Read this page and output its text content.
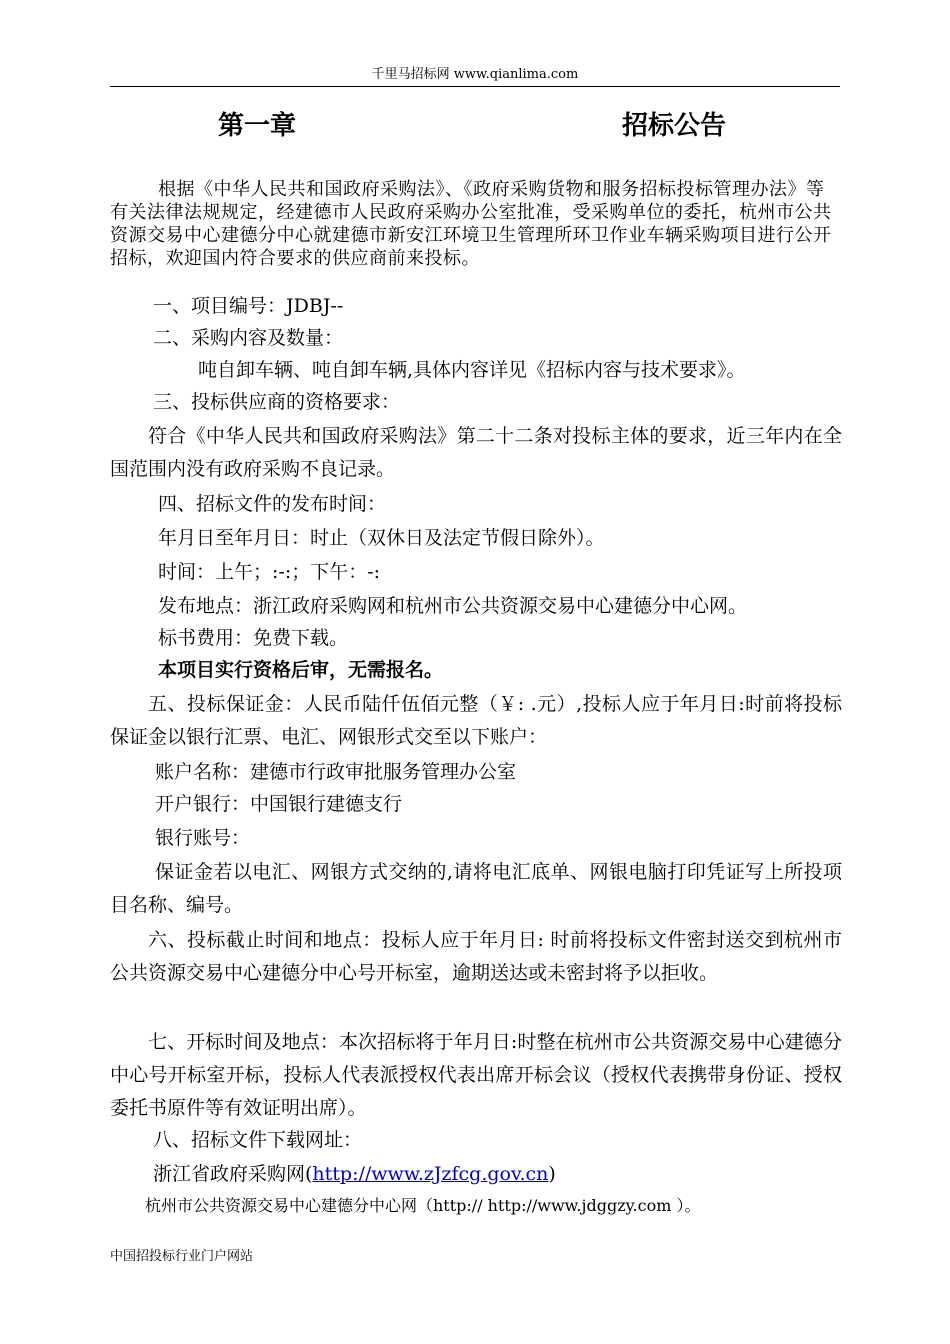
千里马招标网 www.qianlima.com
第一章	招标公告
根据《中华人民共和国政府采购法》、《政府采购货物和服务招标投标管理办法》等有关法律法规规定，经建德市人民政府采购办公室批准，受采购单位的委托，杭州市公共资源交易中心建德分中心就建德市新安江环境卫生管理所环卫作业车辆采购项目进行公开招标，欢迎国内符合要求的供应商前来投标。
一、项目编号：JDBJ--
二、采购内容及数量：
吨自卸车辆、吨自卸车辆,具体内容详见《招标内容与技术要求》。
三、投标供应商的资格要求：
符合《中华人民共和国政府采购法》第二十二条对投标主体的要求，近三年内在全国范围内没有政府采购不良记录。
四、招标文件的发布时间：
年月日至年月日：时止（双休日及法定节假日除外）。
时间：上午；:-:；下午：-:
发布地点：浙江政府采购网和杭州市公共资源交易中心建德分中心网。
标书费用：免费下载。
本项目实行资格后审，无需报名。
五、投标保证金：人民币陆仟伍佰元整（￥: .元）,投标人应于年月日:时前将投标保证金以银行汇票、电汇、网银形式交至以下账户：
账户名称：建德市行政审批服务管理办公室
开户银行：中国银行建德支行
银行账号：
保证金若以电汇、网银方式交纳的,请将电汇底单、网银电脑打印凭证写上所投项目名称、编号。
六、投标截止时间和地点：投标人应于年月日: 时前将投标文件密封送交到杭州市公共资源交易中心建德分中心号开标室，逾期送达或未密封将予以拒收。
七、开标时间及地点：本次招标将于年月日:时整在杭州市公共资源交易中心建德分中心号开标室开标，投标人代表派授权代表出席开标会议（授权代表携带身份证、授权委托书原件等有效证明出席）。
八、招标文件下载网址：
浙江省政府采购网(http://www.zJzfcg.gov.cn)
杭州市公共资源交易中心建德分中心网（http:// http://www.jdggzy.com ）。
中国招投标行业门户网站
